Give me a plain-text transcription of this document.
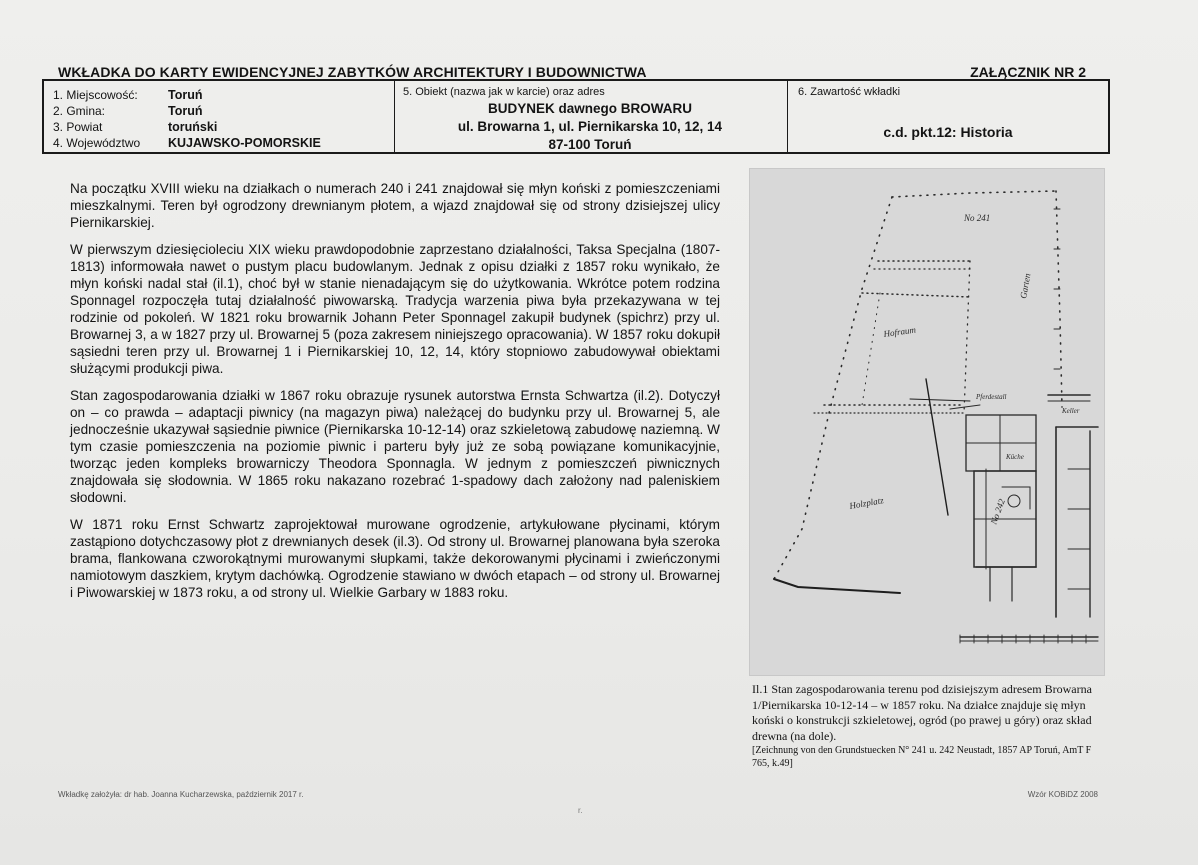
WKŁADKA DO KARTY EWIDENCYJNEJ ZABYTKÓW ARCHITEKTURY I BUDOWNICTWA	ZAŁĄCZNIK NR 2
1. Miejscowość:	Toruń
2. Gmina:	Toruń
3. Powiat	toruński
4. Województwo	KUJAWSKO-POMORSKIE
5. Obiekt (nazwa jak w karcie) oraz adres
BUDYNEK dawnego BROWARU
ul. Browarna 1, ul. Piernikarska 10, 12, 14
87-100 Toruń
6. Zawartość wkładki
c.d. pkt.12: Historia

Na początku XVIII wieku na działkach o numerach 240 i 241 znajdował się młyn koński z pomieszczeniami mieszkalnymi. Teren był ogrodzony drewnianym płotem, a wjazd znajdował się od strony dzisiejszej ulicy Piernikarskiej.

W pierwszym dziesięcioleciu XIX wieku prawdopodobnie zaprzestano działalności, Taksa Specjalna (1807-1813) informowała nawet o pustym placu budowlanym. Jednak z opisu działki z 1857 roku wynikało, że młyn koński nadal stał (il.1), choć był w stanie nienadającym się do użytkowania. Wkrótce potem rodzina Sponnagel rozpoczęła tutaj działalność piwowarską. Tradycja warzenia piwa była przekazywana w tej rodzinie od pokoleń. W 1821 roku browarnik Johann Peter Sponnagel zakupił budynek (spichrz) przy ul. Browarnej 3, a w 1827 przy ul. Browarnej 5 (poza zakresem niniejszego opracowania). W 1857 roku dokupił sąsiedni teren przy ul. Browarnej 1 i Piernikarskiej 10, 12, 14, który stopniowo zabudowywał obiektami służącymi produkcji piwa.

Stan zagospodarowania działki w 1867 roku obrazuje rysunek autorstwa Ernsta Schwartza (il.2). Dotyczył on – co prawda – adaptacji piwnicy (na magazyn piwa) należącej do budynku przy ul. Browarnej 5, ale jednocześnie ukazywał sąsiednie piwnice (Piernikarska 10-12-14) oraz szkieletową zabudowę naziemną. W tym czasie pomieszczenia na poziomie piwnic i parteru były już ze sobą powiązane komunikacyjnie, tworząc jeden kompleks browarniczy Theodora Sponnagla. W jednym z pomieszczeń piwnicznych znajdowała się słodownia. W 1865 roku nakazano rozebrać 1-spadowy dach założony nad paleniskiem słodowni.

W 1871 roku Ernst Schwartz zaprojektował murowane ogrodzenie, artykułowane płycinami, którym zastąpiono dotychczasowy płot z drewnianych desek (il.3). Od strony ul. Browarnej planowana była szeroka brama, flankowana czworokątnymi murowanymi słupkami, także dekorowanymi płycinami i zwieńczonymi namiotowym daszkiem, krytym dachówką. Ogrodzenie stawiano w dwóch etapach – od strony ul. Browarnej i Piwowarskiej w 1873 roku, a od strony ul. Wielkie Garbary w 1883 roku.

No 241
Hofraum
Garten
Holzplatz	No 242
Pferdestall
Keller
Küche
Il.1 Stan zagospodarowania terenu pod dzisiejszym adresem Browarna 1/Piernikarska 10-12-14 – w 1857 roku. Na działce znajduje się młyn koński o konstrukcji szkieletowej, ogród (po prawej u góry) oraz skład drewna (na dole).
[Zeichnung von den Grundstuecken N° 241 u. 242 Neustadt, 1857 AP Toruń, AmT F 765, k.49]
Wkładkę założyła: dr hab. Joanna Kucharzewska, październik 2017 r.	Wzór KOBiDZ 2008
r.
